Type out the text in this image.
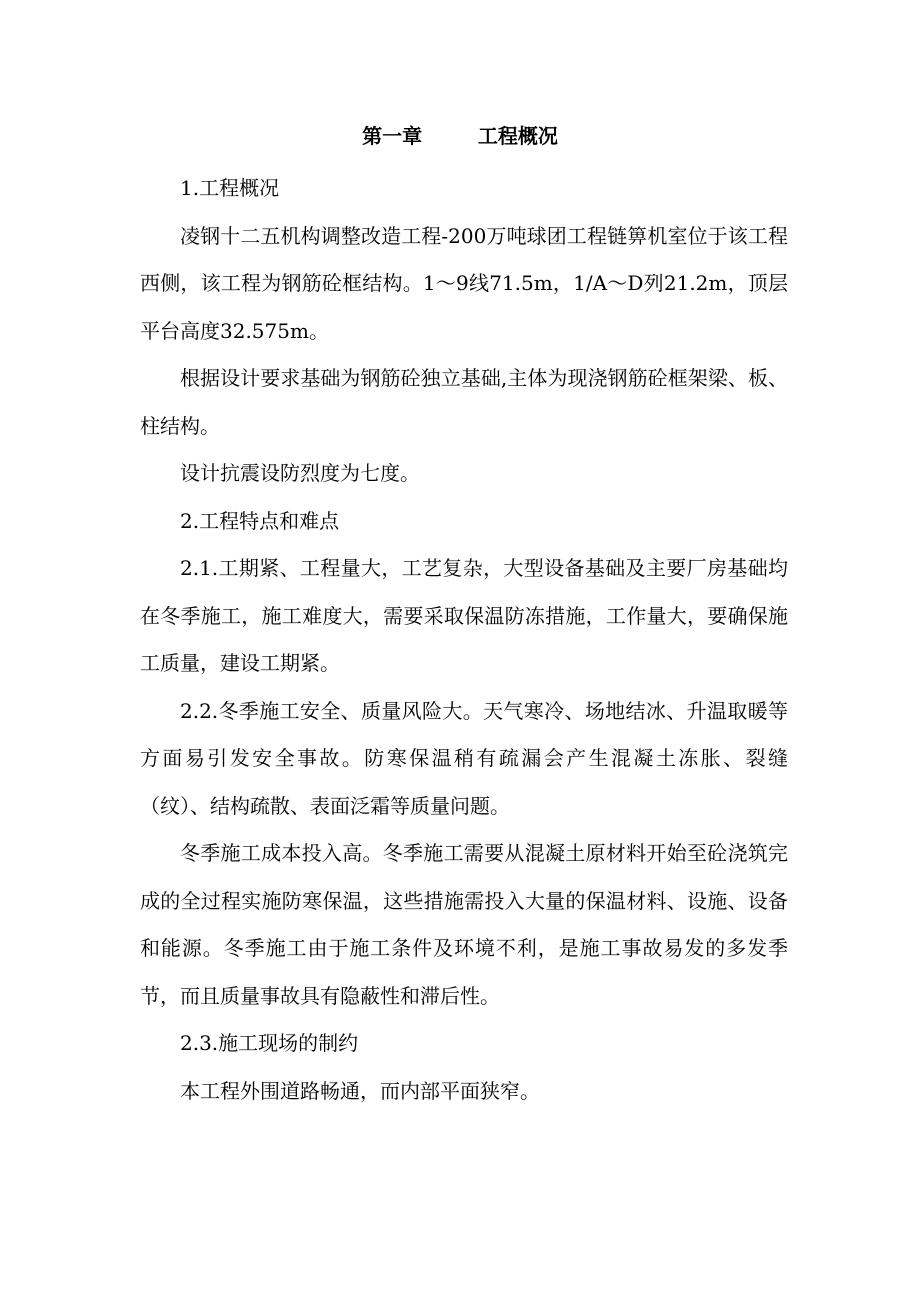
第一章        工程概况

1.工程概况

凌钢十二五机构调整改造工程-200万吨球团工程链箅机室位于该工程西侧，该工程为钢筋砼框结构。1～9线71.5m，1/A～D列21.2m，顶层平台高度32.575m。

根据设计要求基础为钢筋砼独立基础,主体为现浇钢筋砼框架梁、板、柱结构。

设计抗震设防烈度为七度。

2.工程特点和难点

2.1.工期紧、工程量大，工艺复杂，大型设备基础及主要厂房基础均在冬季施工，施工难度大，需要采取保温防冻措施，工作量大，要确保施工质量，建设工期紧。

2.2.冬季施工安全、质量风险大。天气寒冷、场地结冰、升温取暖等方面易引发安全事故。防寒保温稍有疏漏会产生混凝土冻胀、裂缝（纹）、结构疏散、表面泛霜等质量问题。

冬季施工成本投入高。冬季施工需要从混凝土原材料开始至砼浇筑完成的全过程实施防寒保温，这些措施需投入大量的保温材料、设施、设备和能源。冬季施工由于施工条件及环境不利，是施工事故易发的多发季节，而且质量事故具有隐蔽性和滞后性。

2.3.施工现场的制约

本工程外围道路畅通，而内部平面狭窄。
